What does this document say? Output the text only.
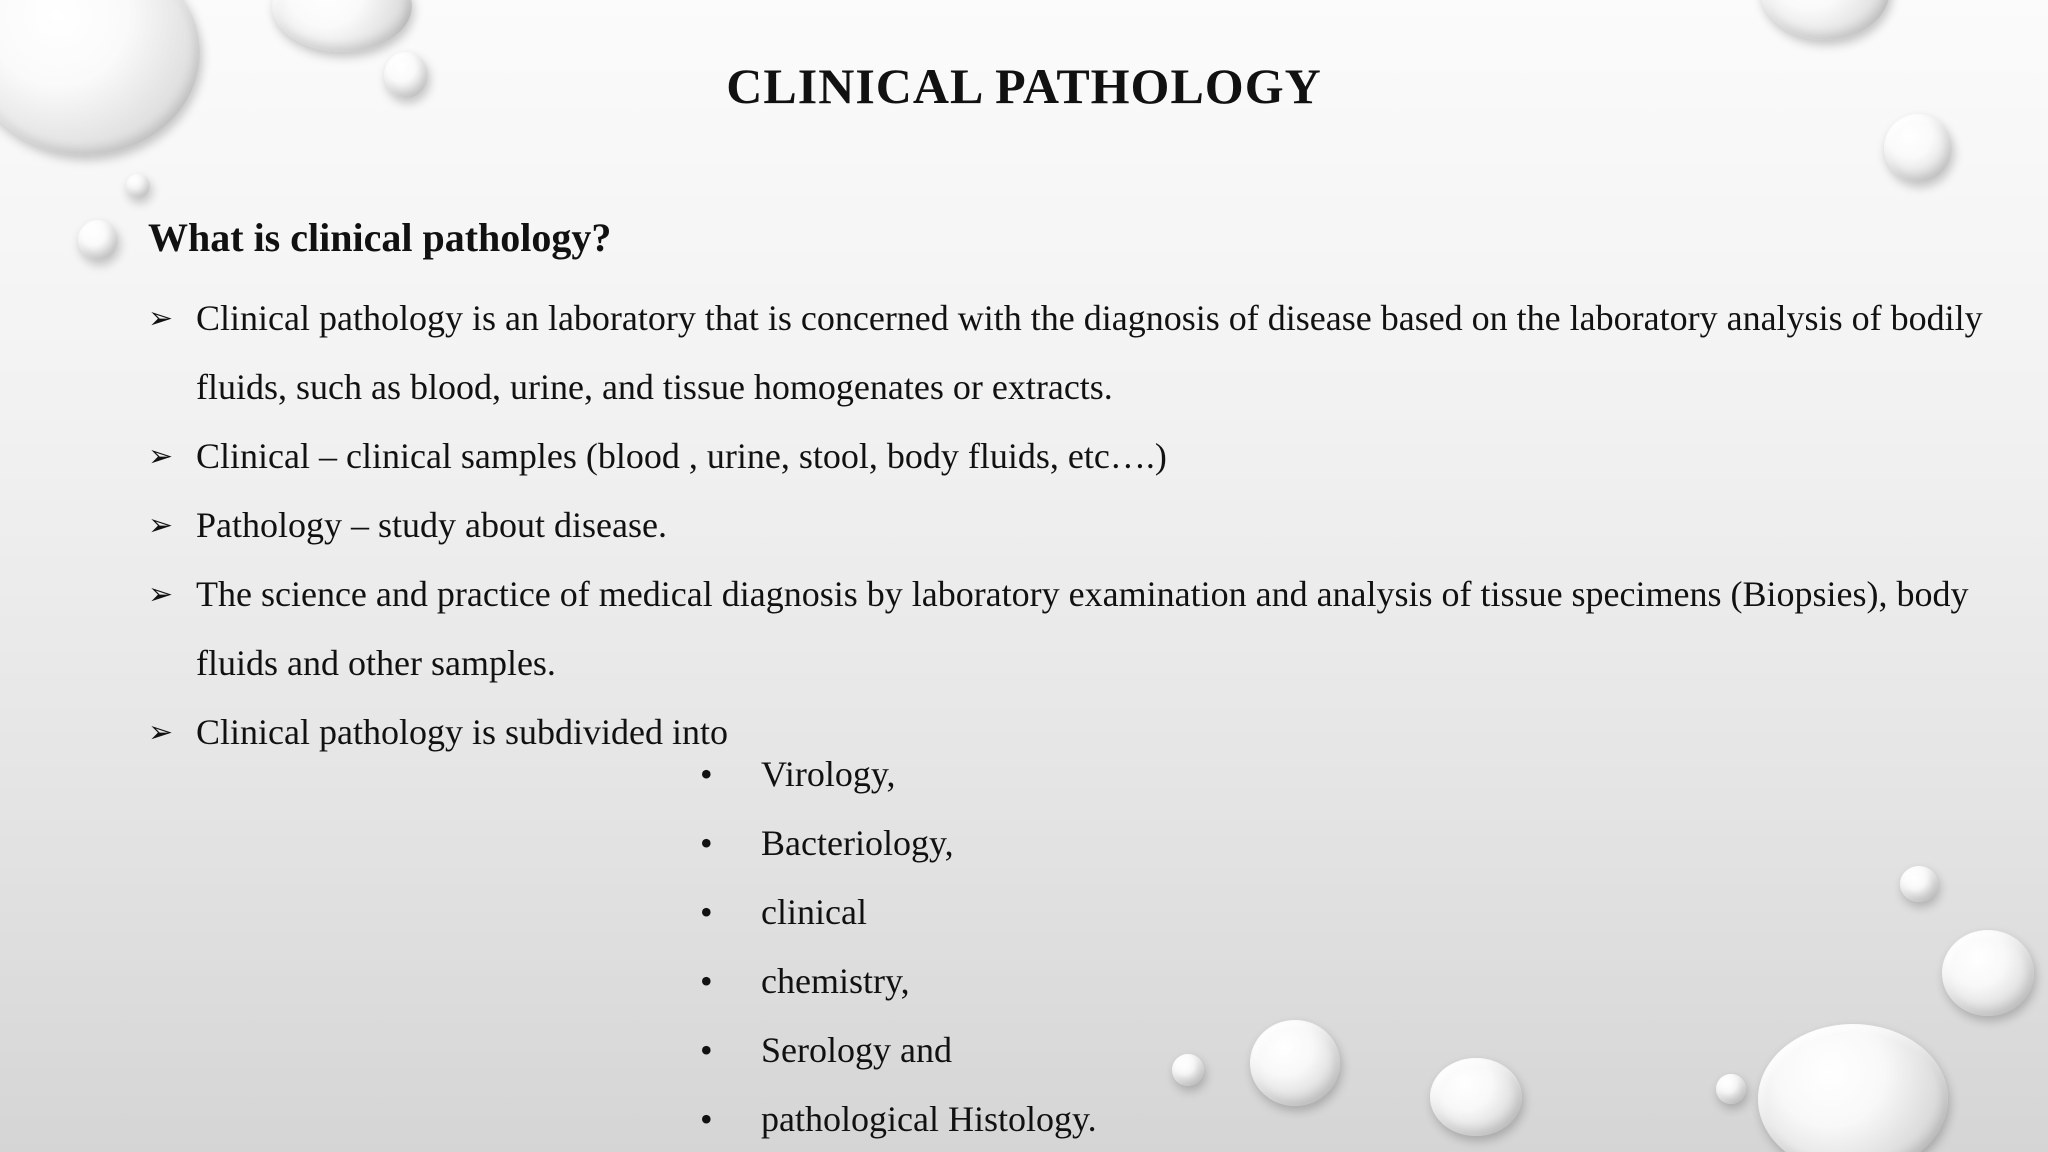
CLINICAL PATHOLOGY
What is clinical pathology?
➢ Clinical pathology is an laboratory that is concerned with the diagnosis of disease based on the laboratory analysis of bodily fluids, such as blood, urine, and tissue homogenates or extracts.
➢ Clinical – clinical samples (blood , urine, stool, body fluids, etc….)
➢ Pathology – study about disease.
➢ The science and practice of medical diagnosis by laboratory examination and analysis of tissue specimens (Biopsies), body fluids and other samples.
➢ Clinical pathology is subdivided into
• Virology,
• Bacteriology,
• clinical
• chemistry,
• Serology and
• pathological Histology.
